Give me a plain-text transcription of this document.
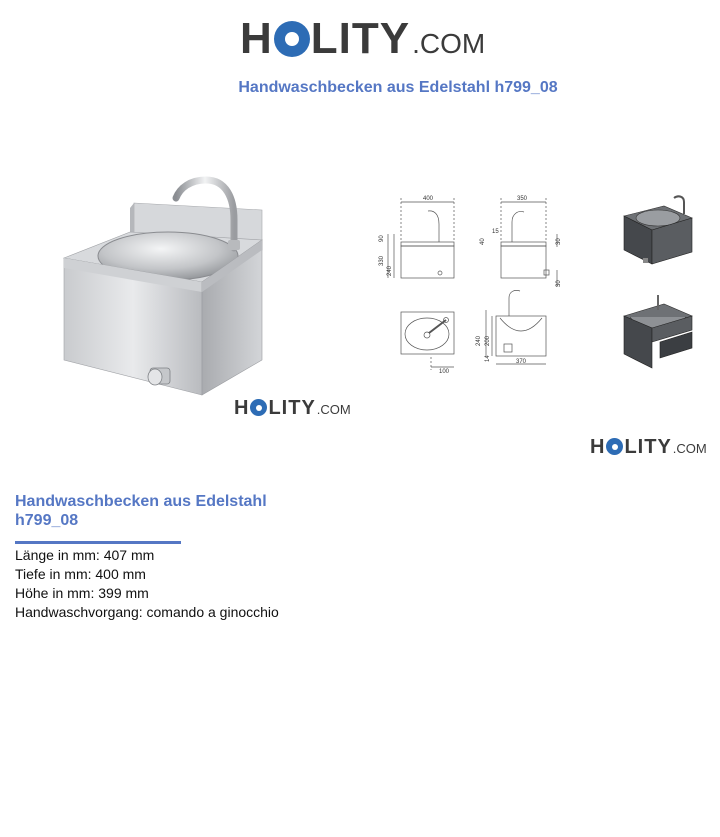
H LITY .COM
Handwaschbecken aus Edelstahl h799_08
H LITY .COM
400	350
90
330
240
15
40	30
30
100
240 200
14	370
H LITY .COM
Handwaschbecken aus Edelstahl h799_08
Länge in mm: 407 mm
Tiefe in mm: 400 mm
Höhe in mm: 399 mm
Handwaschvorgang: comando a ginocchio
